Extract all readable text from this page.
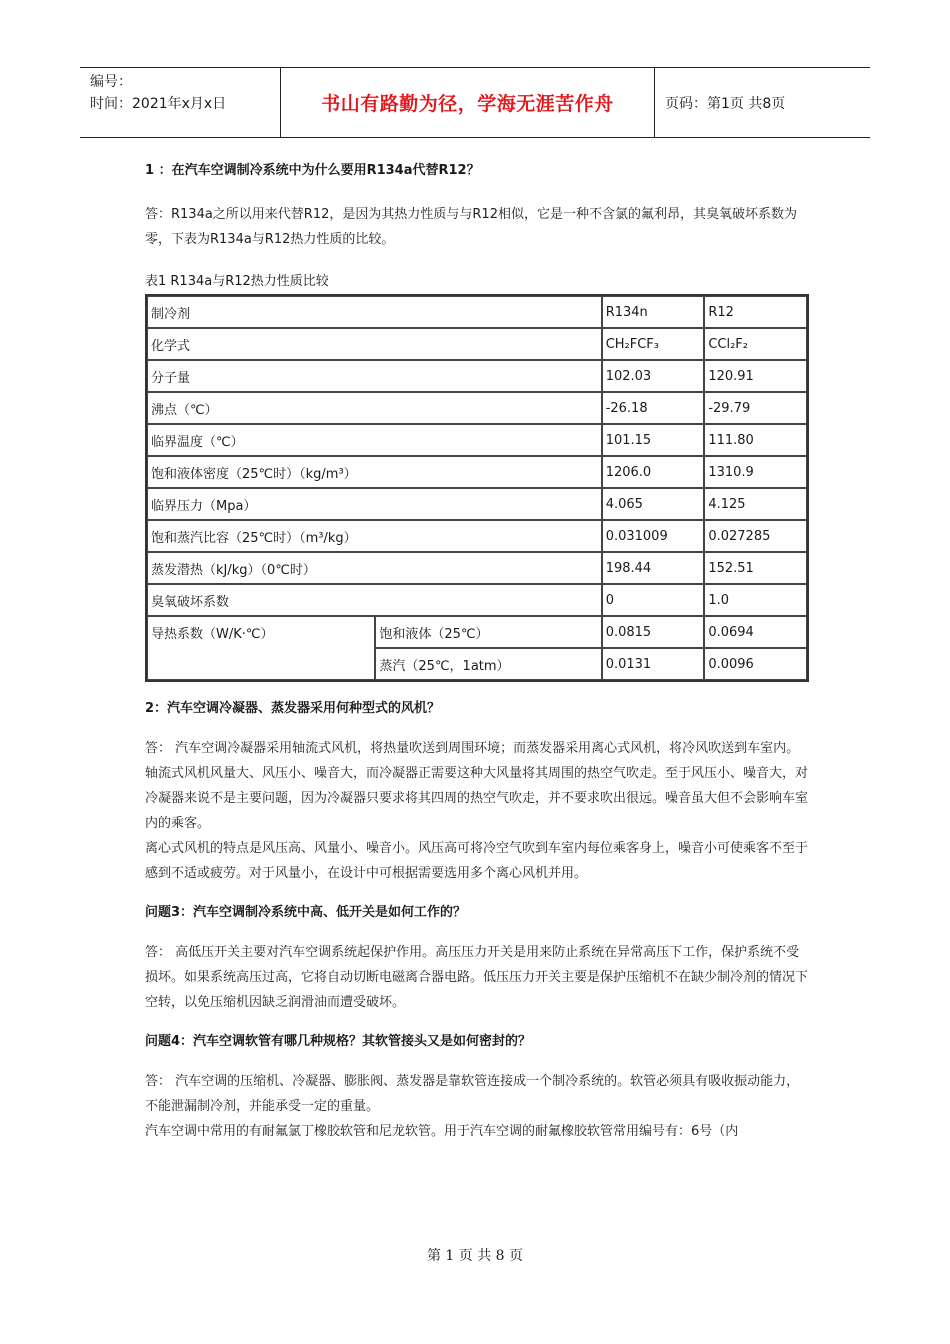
编号：
时间：2021年x月x日	书山有路勤为径，学海无涯苦作舟	页码：第1页 共8页

1 ：在汽车空调制冷系统中为什么要用R134a代替R12？

答：R134a之所以用来代替R12，是因为其热力性质与与R12相似，它是一种不含氯的氟利昂，其臭氧破坏系数为零，下表为R134a与R12热力性质的比较。

表1 R134a与R12热力性质比较

制冷剂		R134n	R12
化学式		CH₂FCF₃	CCl₂F₂
分子量		102.03	120.91
沸点（℃）		-26.18	-29.79
临界温度（℃）		101.15	111.80
饱和液体密度（25℃时）（kg/m³）		1206.0	1310.9
临界压力（Mpa）		4.065	4.125
饱和蒸汽比容（25℃时）（m³/kg）		0.031009	0.027285
蒸发潜热（kJ/kg）（0℃时）		198.44	152.51
臭氧破坏系数		0	1.0
导热系数（W/K·℃）	饱和液体（25℃）	0.0815	0.0694
	蒸汽（25℃，1atm）	0.0131	0.0096

2：汽车空调冷凝器、蒸发器采用何种型式的风机？

答： 汽车空调冷凝器采用轴流式风机，将热量吹送到周围环境；而蒸发器采用离心式风机，将冷风吹送到车室内。

轴流式风机风量大、风压小、噪音大，而冷凝器正需要这种大风量将其周围的热空气吹走。至于风压小、噪音大，对冷凝器来说不是主要问题，因为冷凝器只要求将其四周的热空气吹走，并不要求吹出很远。噪音虽大但不会影响车室内的乘客。

离心式风机的特点是风压高、风量小、噪音小。风压高可将冷空气吹到车室内每位乘客身上，噪音小可使乘客不至于感到不适或疲劳。对于风量小，在设计中可根据需要选用多个离心风机并用。

问题3：汽车空调制冷系统中高、低开关是如何工作的？

答： 高低压开关主要对汽车空调系统起保护作用。高压压力开关是用来防止系统在异常高压下工作，保护系统不受损坏。如果系统高压过高，它将自动切断电磁离合器电路。低压压力开关主要是保护压缩机不在缺少制冷剂的情况下空转，以免压缩机因缺乏润滑油而遭受破坏。

问题4：汽车空调软管有哪几种规格？其软管接头又是如何密封的？

答： 汽车空调的压缩机、冷凝器、膨胀阀、蒸发器是靠软管连接成一个制冷系统的。软管必须具有吸收振动能力，不能泄漏制冷剂，并能承受一定的重量。

汽车空调中常用的有耐氟氯丁橡胶软管和尼龙软管。用于汽车空调的耐氟橡胶软管常用编号有：6号（内

第 1 页 共 8 页
